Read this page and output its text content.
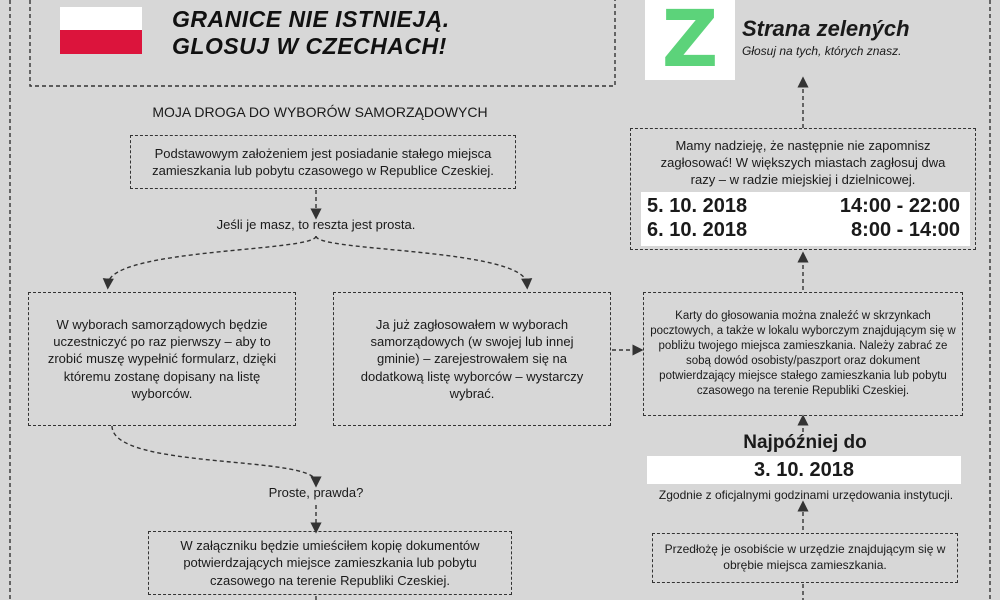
GRANICE NIE ISTNIEJĄ.
GLOSUJ W CZECHACH!	Z Strana zelených
Głosuj na tych, których znasz.
MOJA DROGA DO WYBORÓW SAMORZĄDOWYCH
Podstawowym założeniem jest posiadanie stałego miejsca zamieszkania lub pobytu czasowego w Republice Czeskiej.
Jeśli je masz, to reszta jest prosta.
W wyborach samorządowych będzie uczestniczyć po raz pierwszy – aby to zrobić muszę wypełnić formularz, dzięki któremu zostanę dopisany na listę wyborców.
Ja już zagłosowałem w wyborach samorządowych (w swojej lub innej gminie) – zarejestrowałem się na dodatkową listę wyborców – wystarczy wybrać.
Proste, prawda?
W załączniku będzie umieściłem kopię dokumentów potwierdzających miejsce zamieszkania lub pobytu czasowego na terenie Republiki Czeskiej.
Mamy nadzieję, że następnie nie zapomnisz zagłosować! W większych miastach zagłosuj dwa razy – w radzie miejskiej i dzielnicowej.
5. 10. 2018	14:00 - 22:00
6. 10. 2018	8:00 - 14:00
Karty do głosowania można znaleźć w skrzynkach pocztowych, a także w lokalu wyborczym znajdującym się w pobliżu twojego miejsca zamieszkania. Należy zabrać ze sobą dowód osobisty/paszport oraz dokument potwierdzający miejsce stałego zamieszkania lub pobytu czasowego na terenie Republiki Czeskiej.
Najpóźniej do
3. 10. 2018
Zgodnie z oficjalnymi godzinami urzędowania instytucji.
Przedłożę je osobiście w urzędzie znajdującym się w obrębie miejsca zamieszkania.
